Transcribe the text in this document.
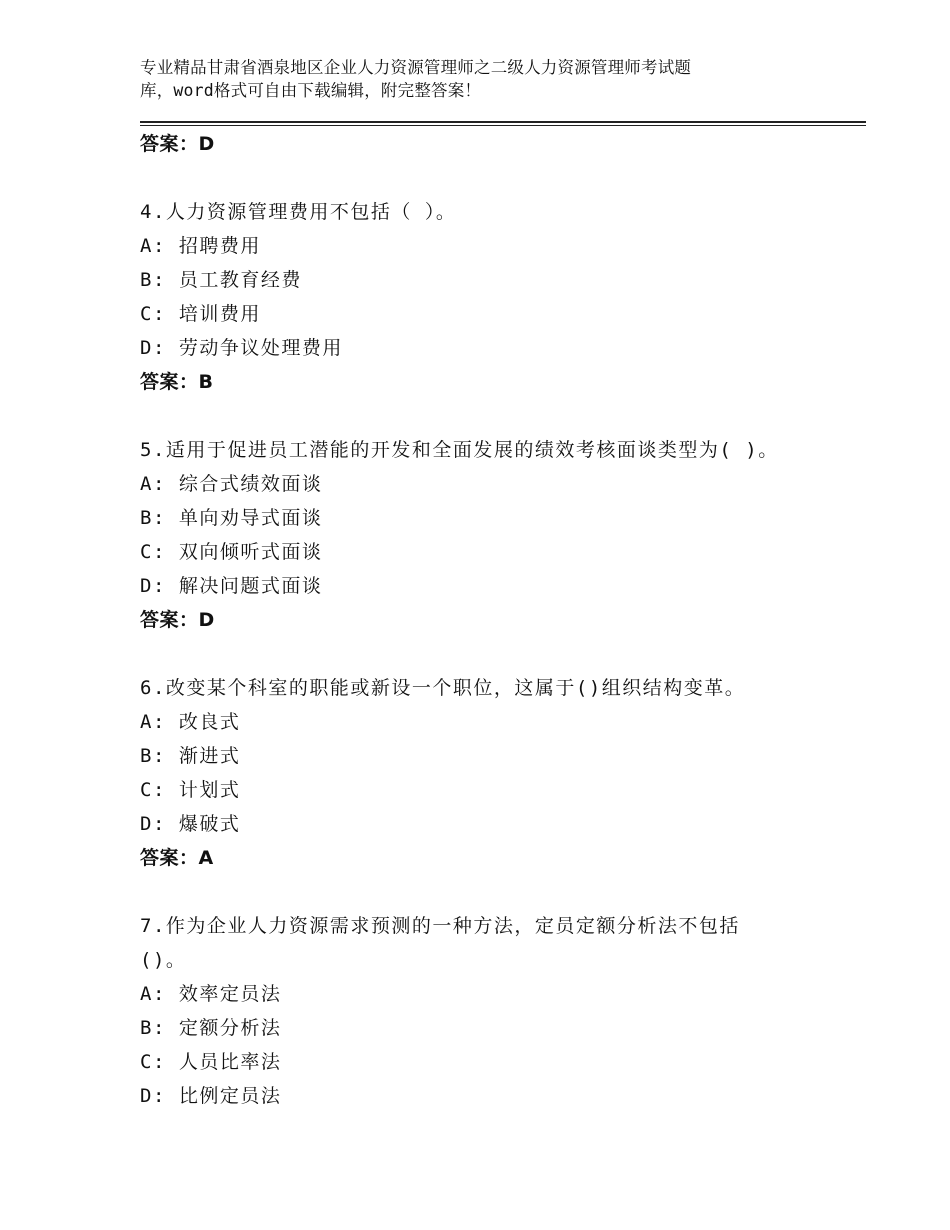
专业精品甘肃省酒泉地区企业人力资源管理师之二级人力资源管理师考试题
库，word格式可自由下载编辑，附完整答案！
答案：D
4.人力资源管理费用不包括（ ）。
A: 招聘费用
B: 员工教育经费
C: 培训费用
D: 劳动争议处理费用
答案：B
5.适用于促进员工潜能的开发和全面发展的绩效考核面谈类型为( )。
A: 综合式绩效面谈
B: 单向劝导式面谈
C: 双向倾听式面谈
D: 解决问题式面谈
答案：D
6.改变某个科室的职能或新设一个职位，这属于()组织结构变革。
A: 改良式
B: 渐进式
C: 计划式
D: 爆破式
答案：A
7.作为企业人力资源需求预测的一种方法，定员定额分析法不包括
()。
A: 效率定员法
B: 定额分析法
C: 人员比率法
D: 比例定员法
